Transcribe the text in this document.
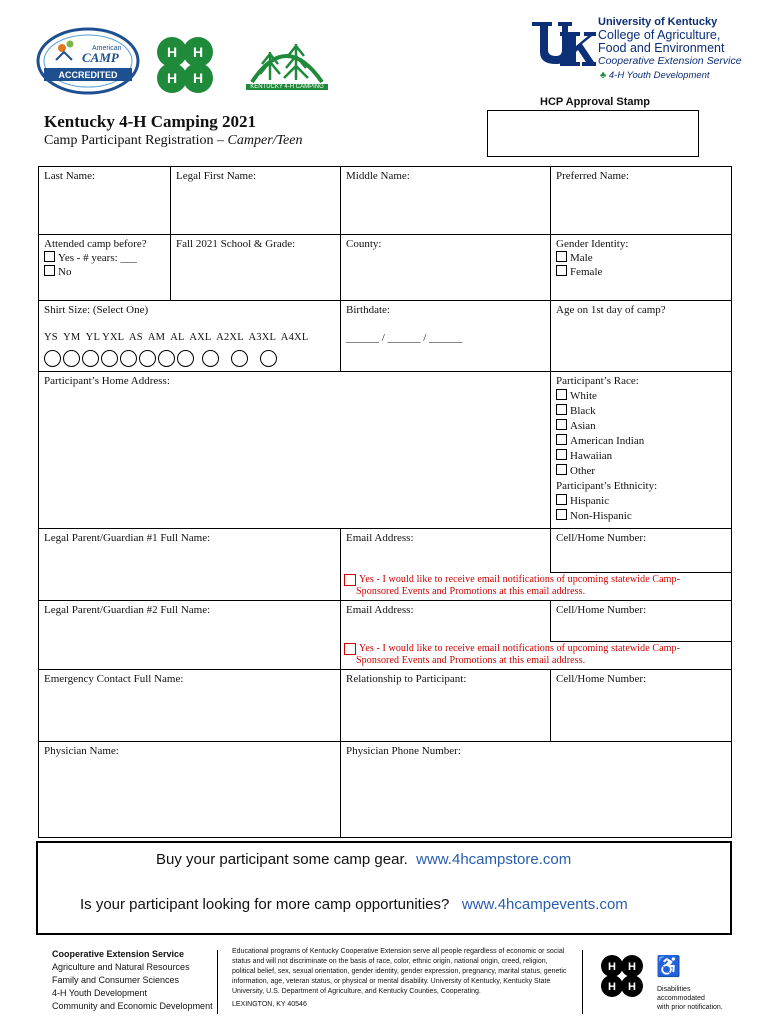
American
CAMP
ACCREDITED
H H
H H
KENTUCKY 4-H CAMPING
University of Kentucky
College of Agriculture,
Food and Environment
Cooperative Extension Service
♣ 4-H Youth Development
HCP Approval Stamp
Kentucky 4-H Camping 2021
Camp Participant Registration – Camper/Teen
Last Name:	Legal First Name:	Middle Name:	Preferred Name:
Attended camp before?
Yes - # years: ___
No
Fall 2021 School & Grade:	County:	Gender Identity:
Male
Female
Shirt Size: (Select One)
YS  YM  YL YXL  AS  AM  AL  AXL  A2XL  A3XL  A4XL
Birthdate:
______ / ______ / ______
Age on 1st day of camp?
Participant’s Home Address:	Participant’s Race:
White
Black
Asian
American Indian
Hawaiian
Other
Participant’s Ethnicity:
Hispanic
Non-Hispanic
Legal Parent/Guardian #1 Full Name:	Email Address:	Cell/Home Number:
Yes - I would like to receive email notifications of upcoming statewide Camp-
Sponsored Events and Promotions at this email address.
Legal Parent/Guardian #2 Full Name:	Email Address:	Cell/Home Number:
Yes - I would like to receive email notifications of upcoming statewide Camp-
Sponsored Events and Promotions at this email address.
Emergency Contact Full Name:	Relationship to Participant:	Cell/Home Number:
Physician Name:	Physician Phone Number:
Buy your participant some camp gear. www.4hcampstore.com
Is your participant looking for more camp opportunities? www.4hcampevents.com
Cooperative Extension Service
Agriculture and Natural Resources
Family and Consumer Sciences
4-H Youth Development
Community and Economic Development
Educational programs of Kentucky Cooperative Extension serve all people regardless of economic or social status and will not discriminate on the basis of race, color, ethnic origin, national origin, creed, religion, political belief, sex, sexual orientation, gender identity, gender expression, pregnancy, marital status, genetic information, age, veteran status, or physical or mental disability. University of Kentucky, Kentucky State University, U.S. Department of Agriculture, and Kentucky Counties, Cooperating.
LEXINGTON, KY 40546
H H
H H
♿
Disabilities
accommodated
with prior notification.
